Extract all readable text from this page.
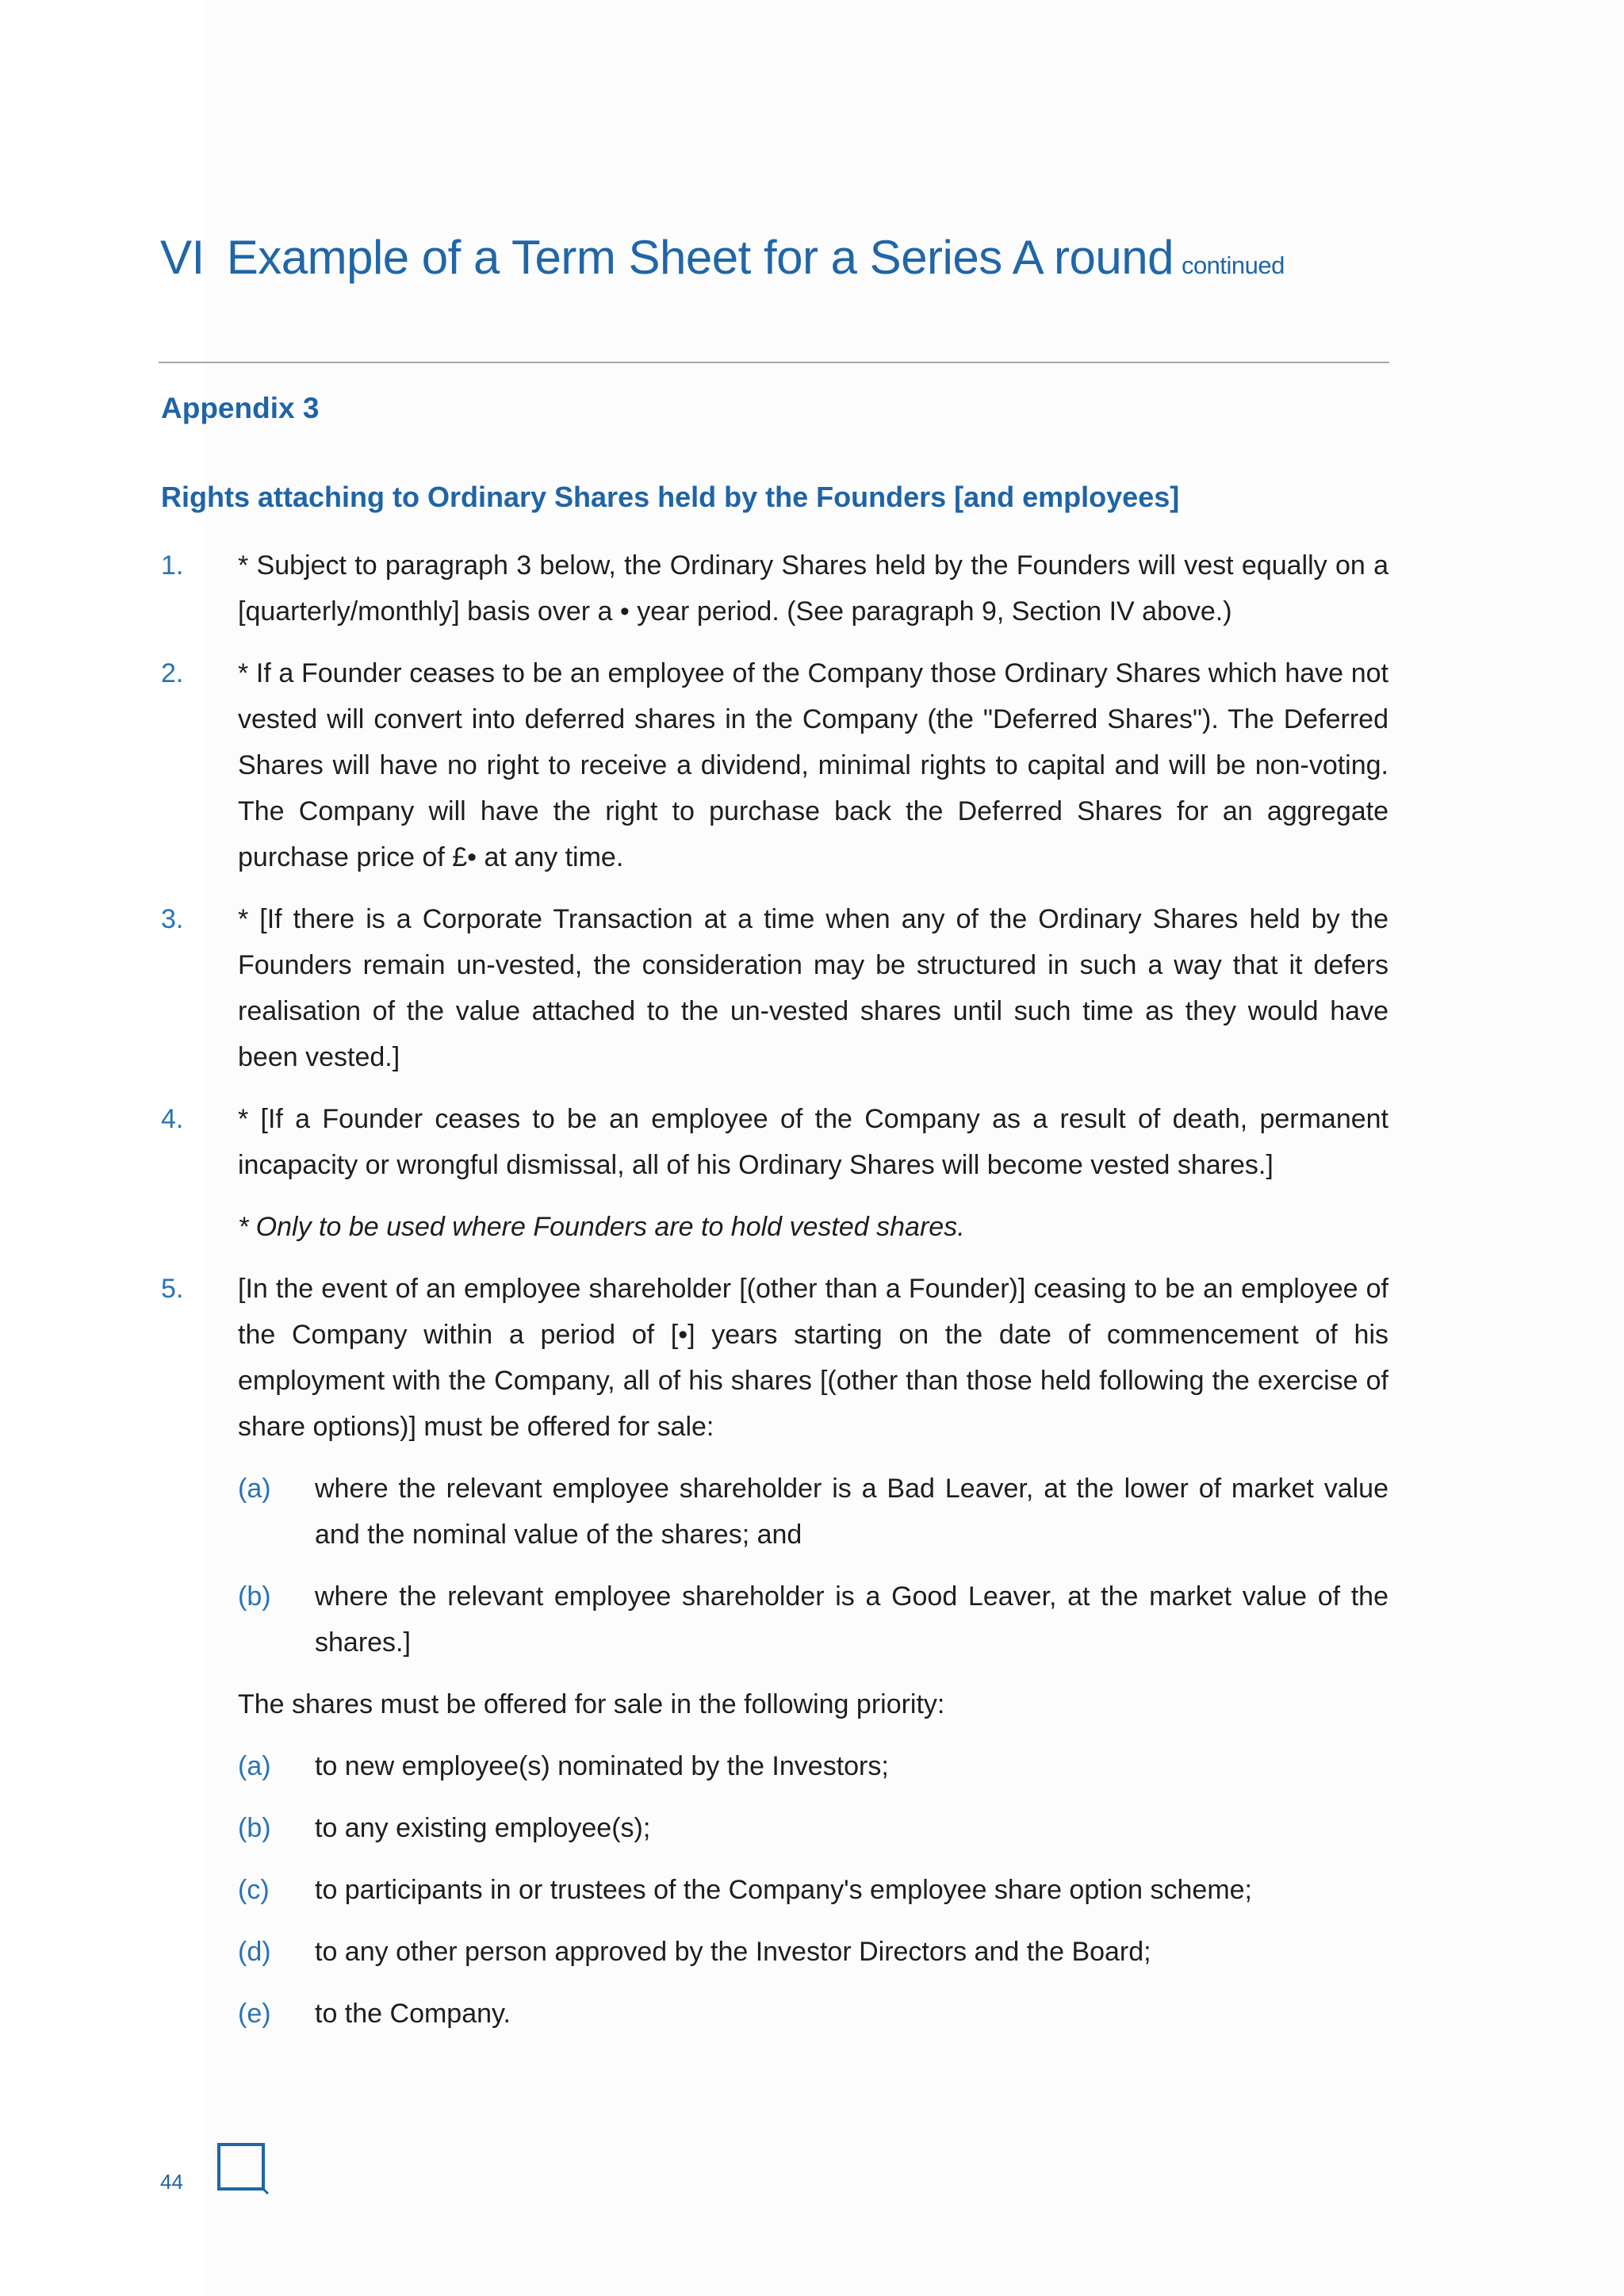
VI Example of a Term Sheet for a Series A round continued
Appendix 3
Rights attaching to Ordinary Shares held by the Founders [and employees]
1. * Subject to paragraph 3 below, the Ordinary Shares held by the Founders will vest equally on a [quarterly/monthly] basis over a • year period. (See paragraph 9, Section IV above.)

2. * If a Founder ceases to be an employee of the Company those Ordinary Shares which have not vested will convert into deferred shares in the Company (the "Deferred Shares"). The Deferred Shares will have no right to receive a dividend, minimal rights to capital and will be non-voting. The Company will have the right to purchase back the Deferred Shares for an aggregate purchase price of £• at any time.

3. * [If there is a Corporate Transaction at a time when any of the Ordinary Shares held by the Founders remain un-vested, the consideration may be structured in such a way that it defers realisation of the value attached to the un-vested shares until such time as they would have been vested.]

4. * [If a Founder ceases to be an employee of the Company as a result of death, permanent incapacity or wrongful dismissal, all of his Ordinary Shares will become vested shares.]

* Only to be used where Founders are to hold vested shares.
5. [In the event of an employee shareholder [(other than a Founder)] ceasing to be an employee of the Company within a period of [•] years starting on the date of commencement of his employment with the Company, all of his shares [(other than those held following the exercise of share options)] must be offered for sale:

(a) where the relevant employee shareholder is a Bad Leaver, at the lower of market value and the nominal value of the shares; and

(b) where the relevant employee shareholder is a Good Leaver, at the market value of the shares.]

The shares must be offered for sale in the following priority:
(a) to new employee(s) nominated by the Investors;

(b) to any existing employee(s);

(c) to participants in or trustees of the Company's employee share option scheme;

(d) to any other person approved by the Investor Directors and the Board;

(e) to the Company.

44
